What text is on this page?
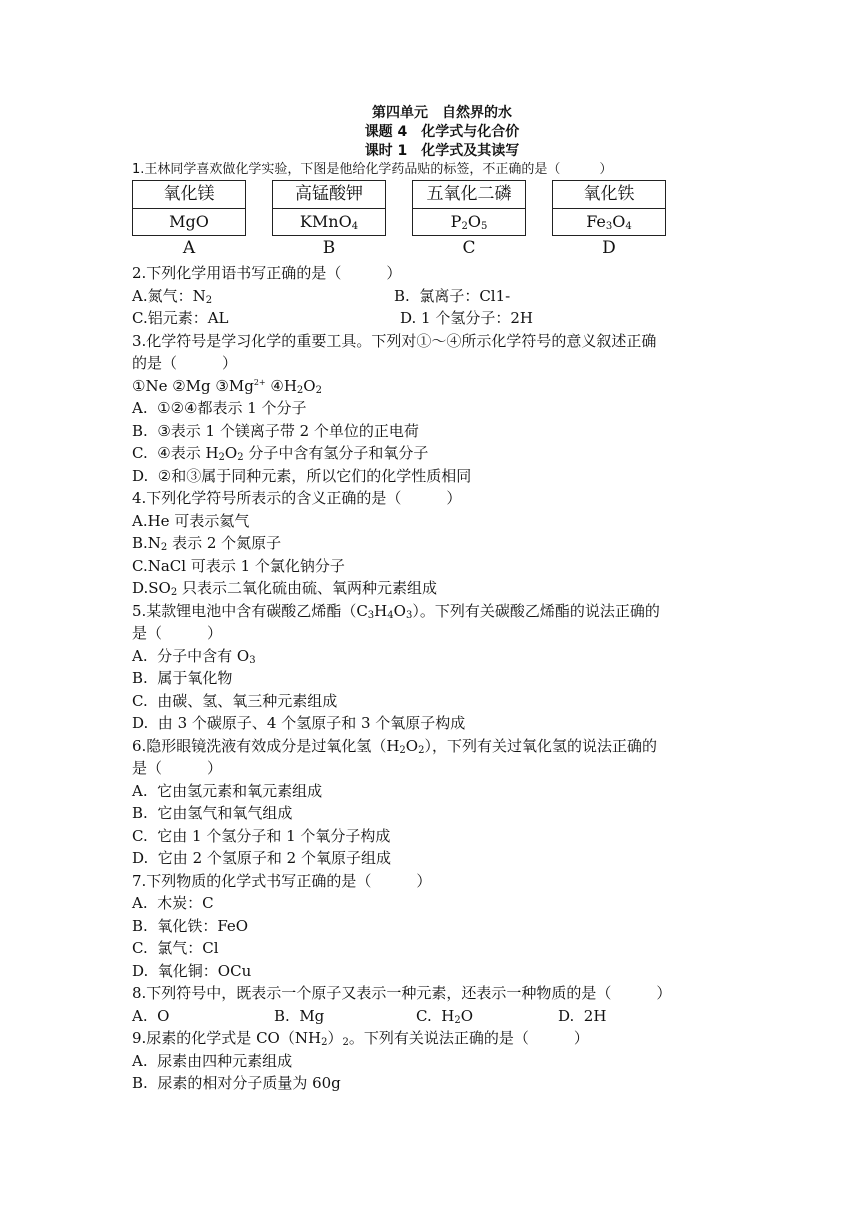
第四单元　自然界的水
课题 4　化学式与化合价
课时 1　化学式及其读写
1.王林同学喜欢做化学实验，下图是他给化学药品贴的标签，不正确的是（　　　）
氧化镁
MgO
A
高锰酸钾
KMnO$_4$
B
五氧化二磷
$P_2O_5$
C
氧化铁
$Fe_3O_4$
D
2.下列化学用语书写正确的是（　　　）
A.氮气：$N_2$	B.  氯离子：Cl1-
C.铝元素：AL	D. 1 个氢分子：2H
3.化学符号是学习化学的重要工具。下列对①～④所示化学符号的意义叙述正确
的是（　　　）
①Ne ②Mg $③Mg^{2+}$ $④H_2O_2$
A.  ①②④都表示 1 个分子
B.  ③表示 1 个镁离子带 2 个单位的正电荷
C.  ④表示 $H_2O_2$ 分子中含有氢分子和氧分子
D.  ②和③属于同种元素，所以它们的化学性质相同
4.下列化学符号所表示的含义正确的是（　　　）
A.He 可表示氦气
$B.N_2$ 表示 2 个氮原子
C.NaCl 可表示 1 个氯化钠分子
$D.SO_2$ 只表示二氧化硫由硫、氧两种元素组成
5.某款锂电池中含有碳酸乙烯酯$(C_3H_4O_3)$。下列有关碳酸乙烯酯的说法正确的
是（　　　）
A.  分子中含有 $O_3$
B.  属于氧化物
C.  由碳、氢、氧三种元素组成
D.  由 3 个碳原子、4 个氢原子和 3 个氧原子构成
6.隐形眼镜洗液有效成分是过氧化氢$(H_2O_2)$，下列有关过氧化氢的说法正确的
是（　　　）
A.  它由氢元素和氧元素组成
B.  它由氢气和氧气组成
C.  它由 1 个氢分子和 1 个氧分子构成
D.  它由 2 个氢原子和 2 个氧原子组成
7.下列物质的化学式书写正确的是（　　　）
A.  木炭：C
B.  氧化铁：FeO
C.  氯气：Cl
D.  氧化铜：OCu
8.下列符号中，既表示一个原子又表示一种元素，还表示一种物质的是（　　　）
A.  O	B.  Mg	C.  $H_2O$	D.  2H
9.尿素的化学式是 $CO(NH_2)_2$。下列有关说法正确的是（　　　）
A.  尿素由四种元素组成
B.  尿素的相对分子质量为 60g
